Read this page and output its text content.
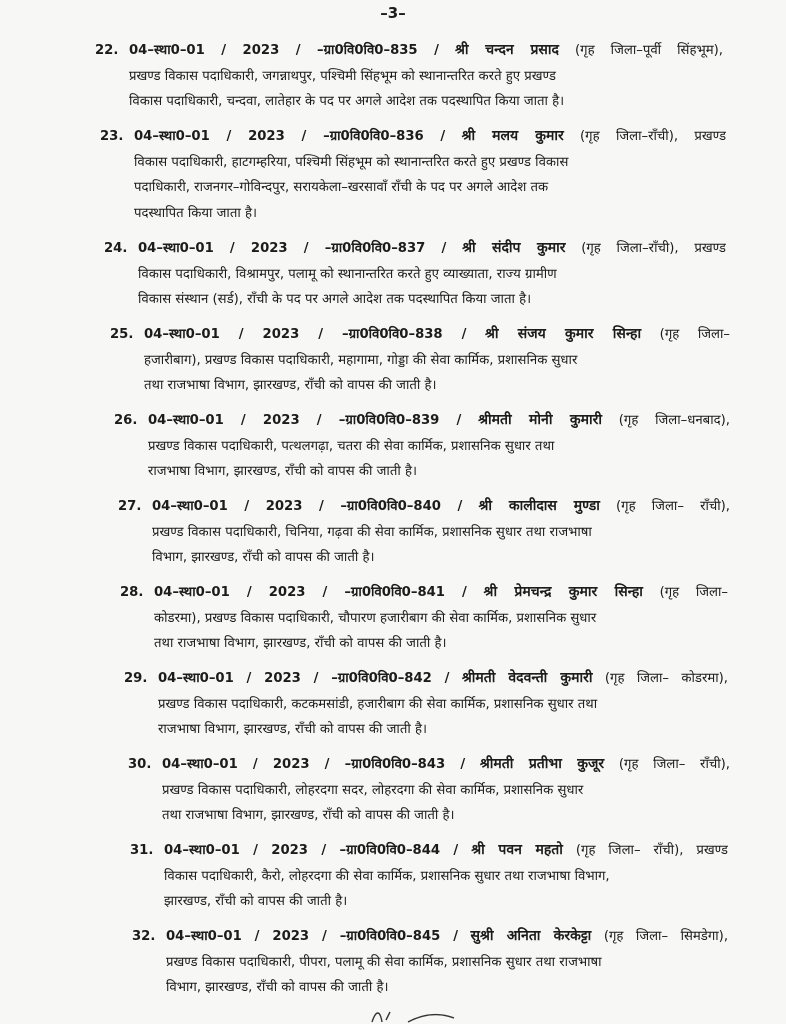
–3–
22. 04–स्था0–01 / 2023 / –ग्रा0वि0वि0–835 / श्री चन्दन प्रसाद (गृह जिला–पूर्वी सिंहभूम),
प्रखण्ड विकास पदाधिकारी, जगन्नाथपुर, पश्चिमी सिंहभूम को स्थानान्तरित करते हुए प्रखण्ड
विकास पदाधिकारी, चन्दवा, लातेहार के पद पर अगले आदेश तक पदस्थापित किया जाता है।
23. 04–स्था0–01 / 2023 / –ग्रा0वि0वि0–836 / श्री मलय कुमार (गृह जिला–राँची), प्रखण्ड
विकास पदाधिकारी, हाटगम्हरिया, पश्चिमी सिंहभूम को स्थानान्तरित करते हुए प्रखण्ड विकास
पदाधिकारी, राजनगर–गोविन्दपुर, सरायकेला–खरसावाँ राँची के पद पर अगले आदेश तक
पदस्थापित किया जाता है।
24. 04–स्था0–01 / 2023 / –ग्रा0वि0वि0–837 / श्री संदीप कुमार (गृह जिला–राँची), प्रखण्ड
विकास पदाधिकारी, विश्रामपुर, पलामू को स्थानान्तरित करते हुए व्याख्याता, राज्य ग्रामीण
विकास संस्थान (सर्ड), राँची के पद पर अगले आदेश तक पदस्थापित किया जाता है।
25. 04–स्था0–01 / 2023 / –ग्रा0वि0वि0–838 / श्री संजय कुमार सिन्हा (गृह जिला–
हजारीबाग), प्रखण्ड विकास पदाधिकारी, महागामा, गोड्डा की सेवा कार्मिक, प्रशासनिक सुधार
तथा राजभाषा विभाग, झारखण्ड, राँची को वापस की जाती है।
26. 04–स्था0–01 / 2023 / –ग्रा0वि0वि0–839 / श्रीमती मोनी कुमारी (गृह जिला–धनबाद),
प्रखण्ड विकास पदाधिकारी, पत्थलगढ़ा, चतरा की सेवा कार्मिक, प्रशासनिक सुधार तथा
राजभाषा विभाग, झारखण्ड, राँची को वापस की जाती है।
27. 04–स्था0–01 / 2023 / –ग्रा0वि0वि0–840 / श्री कालीदास मुण्डा (गृह जिला– राँची),
प्रखण्ड विकास पदाधिकारी, चिनिया, गढ़वा की सेवा कार्मिक, प्रशासनिक सुधार तथा राजभाषा
विभाग, झारखण्ड, राँची को वापस की जाती है।
28. 04–स्था0–01 / 2023 / –ग्रा0वि0वि0–841 / श्री प्रेमचन्द्र कुमार सिन्हा (गृह जिला–
कोडरमा), प्रखण्ड विकास पदाधिकारी, चौपारण हजारीबाग की सेवा कार्मिक, प्रशासनिक सुधार
तथा राजभाषा विभाग, झारखण्ड, राँची को वापस की जाती है।
29. 04–स्था0–01 / 2023 / –ग्रा0वि0वि0–842 / श्रीमती वेदवन्ती कुमारी (गृह जिला– कोडरमा),
प्रखण्ड विकास पदाधिकारी, कटकमसांडी, हजारीबाग की सेवा कार्मिक, प्रशासनिक सुधार तथा
राजभाषा विभाग, झारखण्ड, राँची को वापस की जाती है।
30. 04–स्था0–01 / 2023 / –ग्रा0वि0वि0–843 / श्रीमती प्रतीभा कुजूर (गृह जिला– राँची),
प्रखण्ड विकास पदाधिकारी, लोहरदगा सदर, लोहरदगा की सेवा कार्मिक, प्रशासनिक सुधार
तथा राजभाषा विभाग, झारखण्ड, राँची को वापस की जाती है।
31. 04–स्था0–01 / 2023 / –ग्रा0वि0वि0–844 / श्री पवन महतो (गृह जिला– राँची), प्रखण्ड
विकास पदाधिकारी, कैरो, लोहरदगा की सेवा कार्मिक, प्रशासनिक सुधार तथा राजभाषा विभाग,
झारखण्ड, राँची को वापस की जाती है।
32. 04–स्था0–01 / 2023 / –ग्रा0वि0वि0–845 / सुश्री अनिता केरकेट्टा (गृह जिला– सिमडेगा),
प्रखण्ड विकास पदाधिकारी, पीपरा, पलामू की सेवा कार्मिक, प्रशासनिक सुधार तथा राजभाषा
विभाग, झारखण्ड, राँची को वापस की जाती है।
